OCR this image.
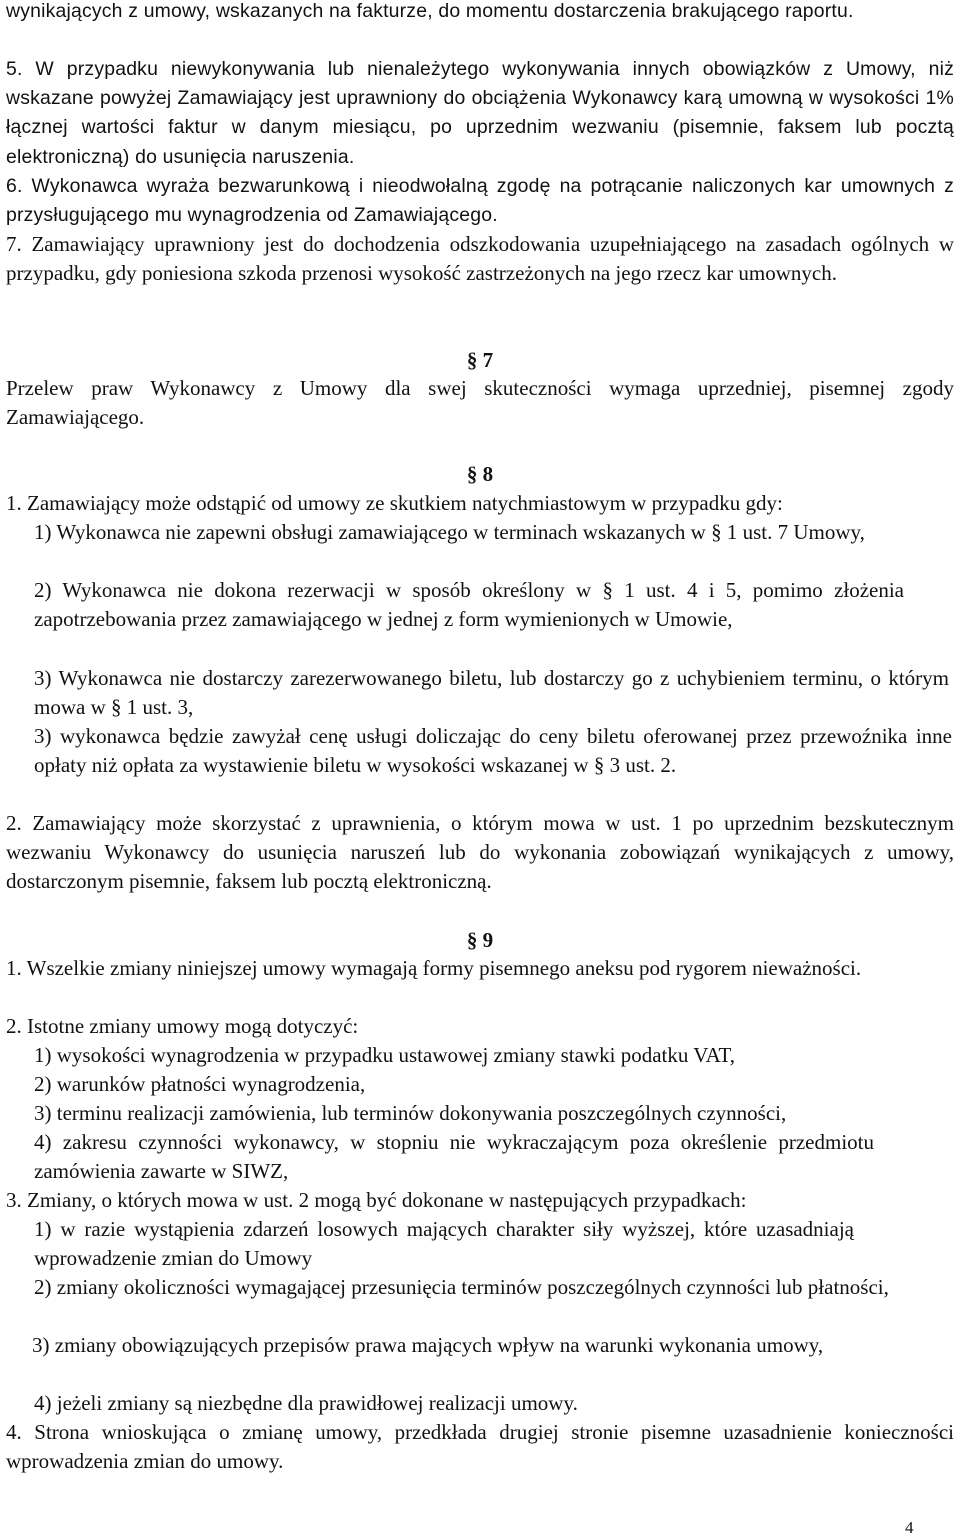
wynikających z umowy, wskazanych na fakturze, do momentu dostarczenia brakującego raportu.

5. W przypadku niewykonywania lub nienależytego wykonywania innych obowiązków z Umowy, niż wskazane powyżej Zamawiający jest uprawniony do obciążenia Wykonawcy karą umowną w wysokości 1% łącznej wartości faktur w danym miesiącu, po uprzednim wezwaniu (pisemnie, faksem lub pocztą elektroniczną) do usunięcia naruszenia.

6. Wykonawca wyraża bezwarunkową i nieodwołalną zgodę na potrącanie naliczonych kar umownych z przysługującego mu wynagrodzenia od Zamawiającego.

7. Zamawiający uprawniony jest do dochodzenia odszkodowania uzupełniającego na zasadach ogólnych w przypadku, gdy poniesiona szkoda przenosi wysokość zastrzeżonych na jego rzecz kar umownych.

§ 7

Przelew praw Wykonawcy z Umowy dla swej skuteczności wymaga uprzedniej, pisemnej zgody Zamawiającego.

§ 8

1. Zamawiający może odstąpić od umowy ze skutkiem natychmiastowym w przypadku gdy:

1) Wykonawca nie zapewni obsługi zamawiającego w terminach wskazanych w § 1 ust. 7 Umowy,

2) Wykonawca nie dokona rezerwacji w sposób określony w § 1 ust. 4 i 5, pomimo złożenia zapotrzebowania przez zamawiającego w jednej z form wymienionych w Umowie,

3) Wykonawca nie dostarczy zarezerwowanego biletu, lub dostarczy go z uchybieniem terminu, o którym mowa w § 1 ust. 3,

3) wykonawca będzie zawyżał cenę usługi doliczając do ceny biletu oferowanej przez przewoźnika inne opłaty niż opłata za wystawienie biletu w wysokości wskazanej w § 3 ust. 2.

2. Zamawiający może skorzystać z uprawnienia, o którym mowa w ust. 1 po uprzednim bezskutecznym wezwaniu Wykonawcy do usunięcia naruszeń lub do wykonania zobowiązań wynikających z umowy, dostarczonym pisemnie, faksem lub pocztą elektroniczną.

§ 9

1. Wszelkie zmiany niniejszej umowy wymagają formy pisemnego aneksu pod rygorem nieważności.

2. Istotne zmiany umowy mogą dotyczyć:

1) wysokości wynagrodzenia w przypadku ustawowej zmiany stawki podatku VAT,

2) warunków płatności wynagrodzenia,

3) terminu realizacji zamówienia, lub terminów dokonywania poszczególnych czynności,

4) zakresu czynności wykonawcy, w stopniu nie wykraczającym poza określenie przedmiotu zamówienia zawarte w SIWZ,

3. Zmiany, o których mowa w ust. 2 mogą być dokonane w następujących przypadkach:

1) w razie wystąpienia zdarzeń losowych mających charakter siły wyższej, które uzasadniają wprowadzenie zmian do Umowy

2) zmiany okoliczności wymagającej przesunięcia terminów poszczególnych czynności lub płatności,

3) zmiany obowiązujących przepisów prawa mających wpływ na warunki wykonania umowy,

4) jeżeli zmiany są niezbędne dla prawidłowej realizacji umowy.

4. Strona wnioskująca o zmianę umowy, przedkłada drugiej stronie pisemne uzasadnienie konieczności wprowadzenia zmian do umowy.

4
